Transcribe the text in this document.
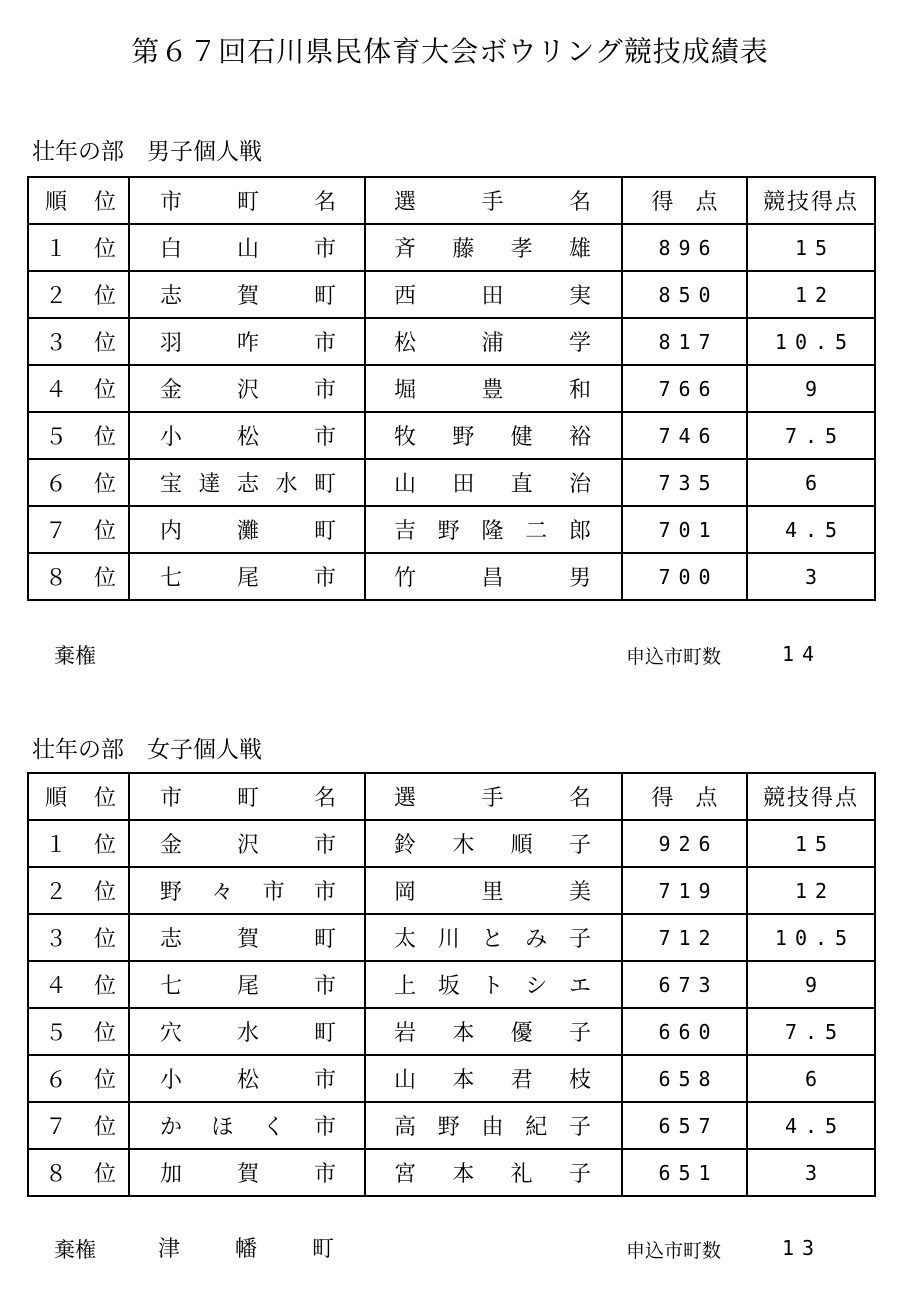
第６７回石川県民体育大会ボウリング競技成績表
壮年の部　男子個人戦
順 位	市 町 名	選 手 名	得点	競技得点

１ 位	白 山 市	斉 藤 孝 雄	896	15

２ 位	志 賀 町	西 田 実	850	12

３ 位	羽 咋 市	松 浦 学	817	10.5

４ 位	金 沢 市	堀 豊 和	766	9

５ 位	小 松 市	牧 野 健 裕	746	7.5

６ 位	宝 達 志 水 町	山 田 直 治	735	6

７ 位	内 灘 町	吉 野 隆 二 郎	701	4.5

８ 位	七 尾 市	竹 昌 男	700	3
棄権	申込市町数	14
壮年の部　女子個人戦
順 位	市 町 名	選 手 名	得点	競技得点

１ 位	金 沢 市	鈴 木 順 子	926	15

２ 位	野 々 市 市	岡 里 美	719	12

３ 位	志 賀 町	太 川 と み 子	712	10.5

４ 位	七 尾 市	上 坂 ト シ エ	673	9

５ 位	穴 水 町	岩 本 優 子	660	7.5

６ 位	小 松 市	山 本 君 枝	658	6

７ 位	か ほ く 市	高 野 由 紀 子	657	4.5

８ 位	加 賀 市	宮 本 礼 子	651	3
棄権	津 幡 町	申込市町数	13
